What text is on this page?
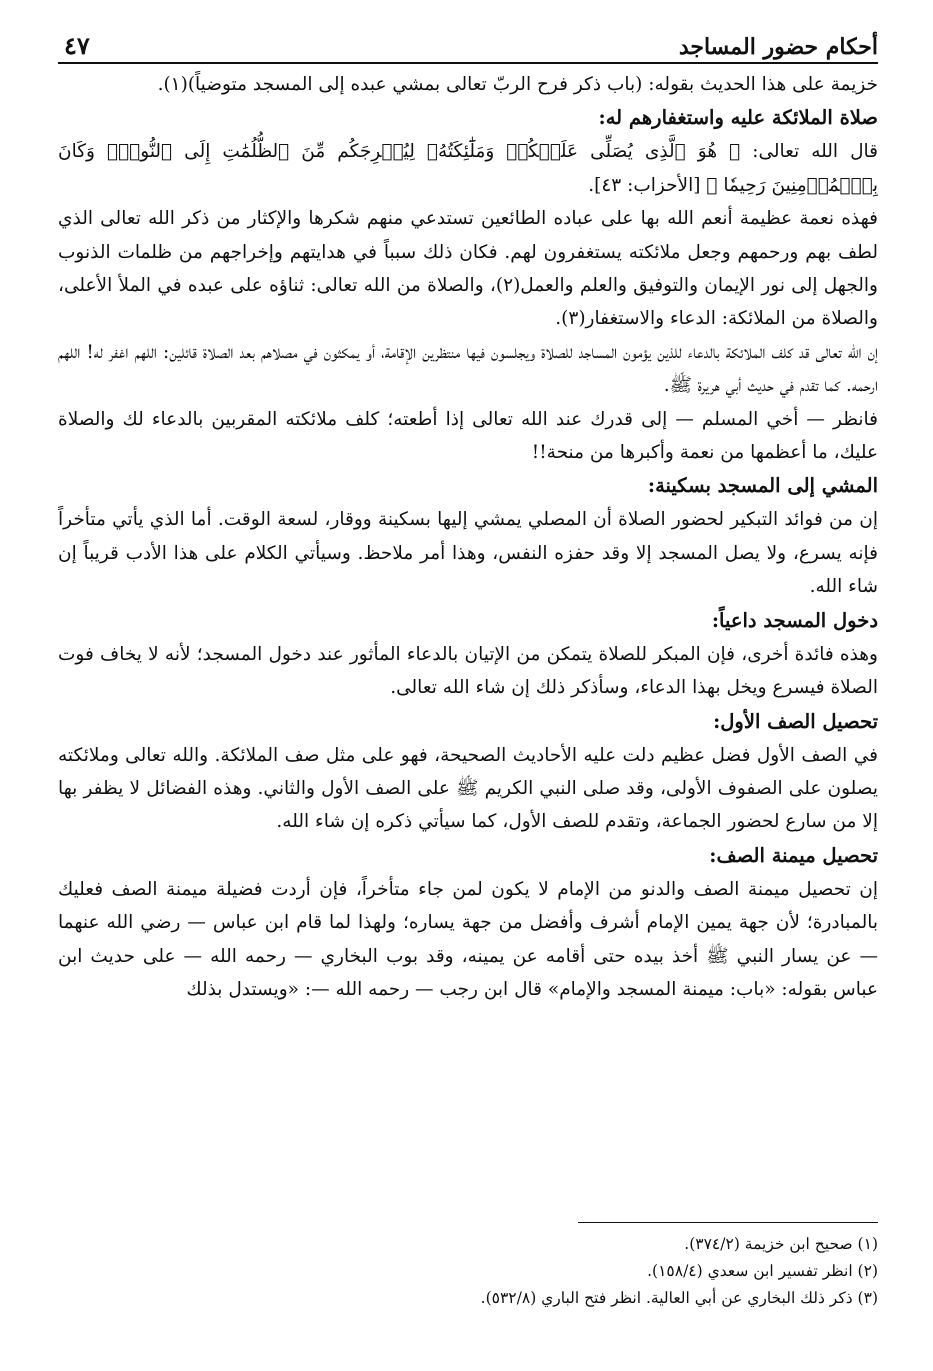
أحكام حضور المساجد
٤٧

خزيمة على هذا الحديث بقوله: (باب ذكر فرح الربّ تعالى بمشي عبده إلى المسجد متوضياً)(١).

صلاة الملائكة عليه واستغفارهم له:

قال الله تعالى: ﴿ هُوَ ٱلَّذِى يُصَلِّى عَلَيۡكُمۡ وَمَلَٰٓئِكَتُهُۥ لِيُخۡرِجَكُم مِّنَ ٱلظُّلُمَٰتِ إِلَى ٱلنُّورِۚ وَكَانَ بِٱلۡمُؤۡمِنِينَ رَحِيمٗا ﴾ [الأحزاب: ٤٣].

فهذه نعمة عظيمة أنعم الله بها على عباده الطائعين تستدعي منهم شكرها والإكثار من ذكر الله تعالى الذي لطف بهم ورحمهم وجعل ملائكته يستغفرون لهم. فكان ذلك سبباً في هدايتهم وإخراجهم من ظلمات الذنوب والجهل إلى نور الإيمان والتوفيق والعلم والعمل(٢)، والصلاة من الله تعالى: ثناؤه على عبده في الملأ الأعلى، والصلاة من الملائكة: الدعاء والاستغفار(٣).

إن الله تعالى قد كلف الملائكة بالدعاء للذين يؤمون المساجد للصلاة ويجلسون فيها منتظرين الإقامة، أو يمكثون في مصلاهم بعد الصلاة قائلين: اللهم اغفر له! اللهم ارحمه. كما تقدم في حديث أبي هريرة ﷺ.

فانظر — أخي المسلم — إلى قدرك عند الله تعالى إذا أطعته؛ كلف ملائكته المقربين بالدعاء لك والصلاة عليك، ما أعظمها من نعمة وأكبرها من منحة!!

المشي إلى المسجد بسكينة:

إن من فوائد التبكير لحضور الصلاة أن المصلي يمشي إليها بسكينة ووقار، لسعة الوقت. أما الذي يأتي متأخراً فإنه يسرع، ولا يصل المسجد إلا وقد حفزه النفس، وهذا أمر ملاحظ. وسيأتي الكلام على هذا الأدب قريباً إن شاء الله.

دخول المسجد داعياً:

وهذه فائدة أخرى، فإن المبكر للصلاة يتمكن من الإتيان بالدعاء المأثور عند دخول المسجد؛ لأنه لا يخاف فوت الصلاة فيسرع ويخل بهذا الدعاء، وسأذكر ذلك إن شاء الله تعالى.

تحصيل الصف الأول:

في الصف الأول فضل عظيم دلت عليه الأحاديث الصحيحة، فهو على مثل صف الملائكة. والله تعالى وملائكته يصلون على الصفوف الأولى، وقد صلى النبي الكريم ﷺ على الصف الأول والثاني. وهذه الفضائل لا يظفر بها إلا من سارع لحضور الجماعة، وتقدم للصف الأول، كما سيأتي ذكره إن شاء الله.

تحصيل ميمنة الصف:

إن تحصيل ميمنة الصف والدنو من الإمام لا يكون لمن جاء متأخراً، فإن أردت فضيلة ميمنة الصف فعليك بالمبادرة؛ لأن جهة يمين الإمام أشرف وأفضل من جهة يساره؛ ولهذا لما قام ابن عباس — رضي الله عنهما — عن يسار النبي ﷺ أخذ بيده حتى أقامه عن يمينه، وقد بوب البخاري — رحمه الله — على حديث ابن عباس بقوله: «باب: ميمنة المسجد والإمام» قال ابن رجب — رحمه الله —: «ويستدل بذلك

(١) صحيح ابن خزيمة (٣٧٤/٢).

(٢) انظر تفسير ابن سعدي (١٥٨/٤).

(٣) ذكر ذلك البخاري عن أبي العالية. انظر فتح الباري (٥٣٢/٨).
